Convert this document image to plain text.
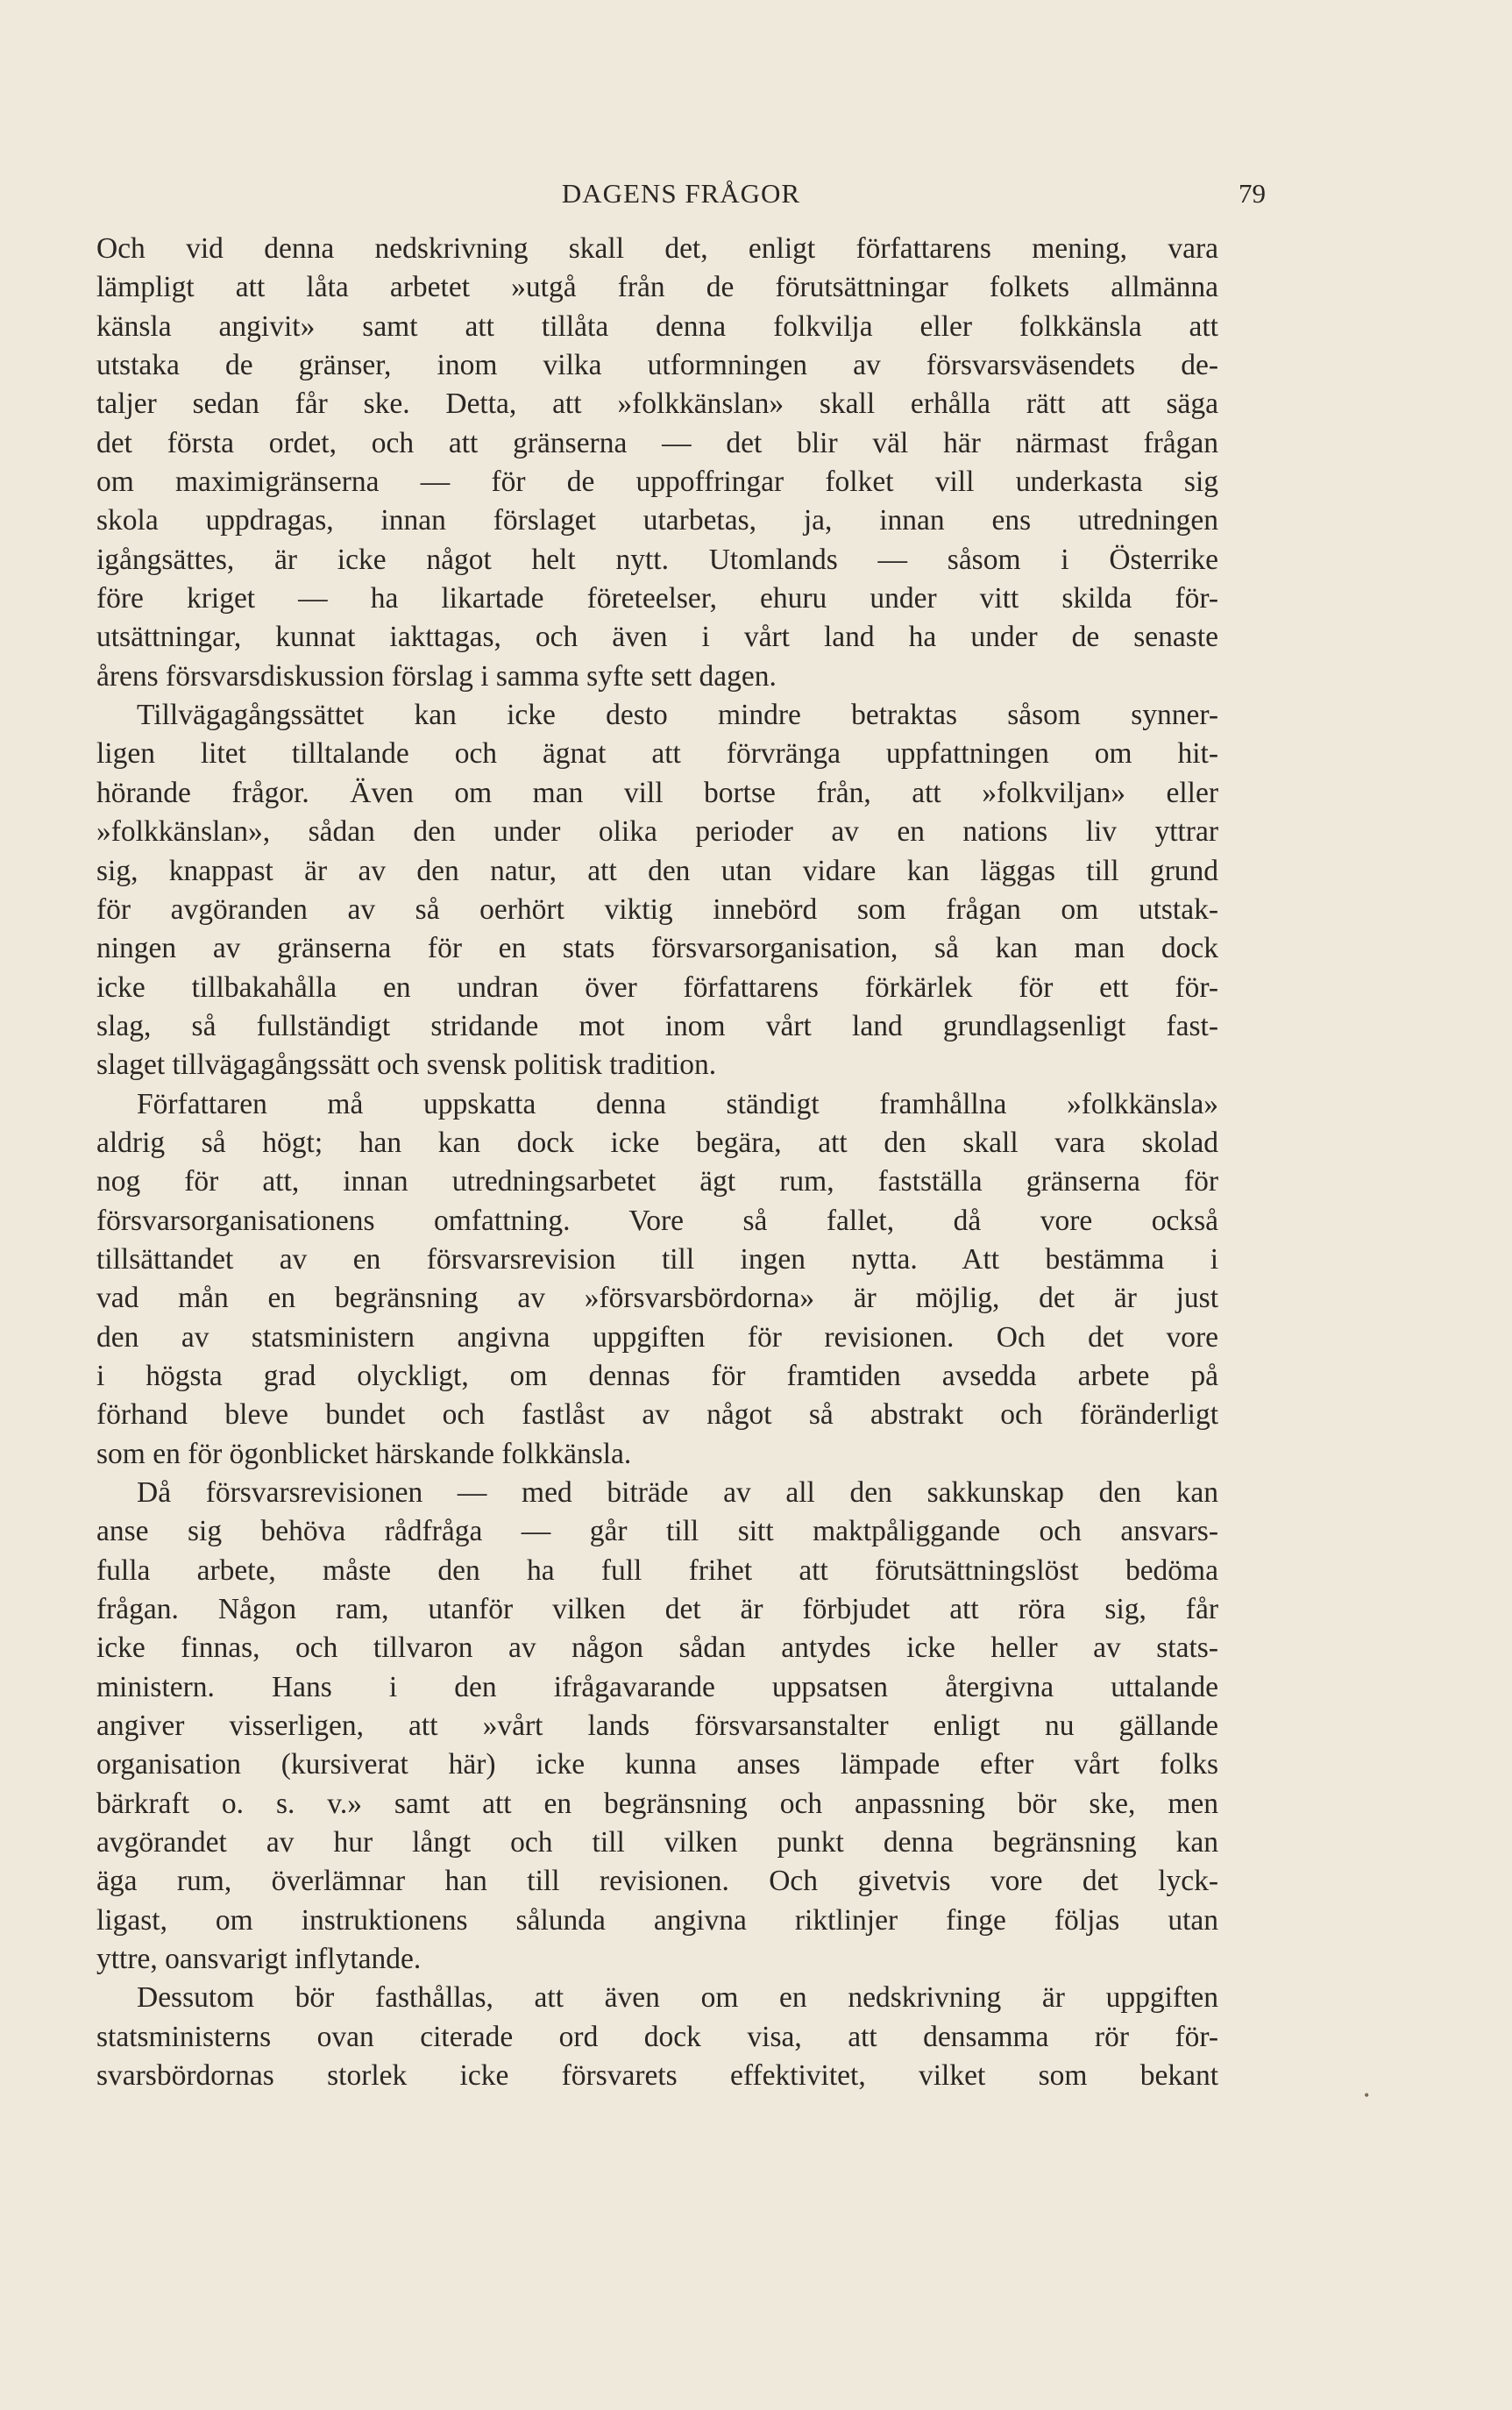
DAGENS FRÅGOR	79
Och vid denna nedskrivning skall det, enligt författarens mening, vara
lämpligt att låta arbetet »utgå från de förutsättningar folkets allmänna
känsla angivit» samt att tillåta denna folkvilja eller folkkänsla att
utstaka de gränser, inom vilka utformningen av försvarsväsendets de-
taljer sedan får ske. Detta, att »folkkänslan» skall erhålla rätt att säga
det första ordet, och att gränserna — det blir väl här närmast frågan
om maximigränserna — för de uppoffringar folket vill underkasta sig
skola uppdragas, innan förslaget utarbetas, ja, innan ens utredningen
igångsättes, är icke något helt nytt. Utomlands — såsom i Österrike
före kriget — ha likartade företeelser, ehuru under vitt skilda för-
utsättningar, kunnat iakttagas, och även i vårt land ha under de senaste
årens försvarsdiskussion förslag i samma syfte sett dagen.
Tillvägagångssättet kan icke desto mindre betraktas såsom synner-
ligen litet tilltalande och ägnat att förvränga uppfattningen om hit-
hörande frågor. Även om man vill bortse från, att »folkviljan» eller
»folkkänslan», sådan den under olika perioder av en nations liv yttrar
sig, knappast är av den natur, att den utan vidare kan läggas till grund
för avgöranden av så oerhört viktig innebörd som frågan om utstak-
ningen av gränserna för en stats försvarsorganisation, så kan man dock
icke tillbakahålla en undran över författarens förkärlek för ett för-
slag, så fullständigt stridande mot inom vårt land grundlagsenligt fast-
slaget tillvägagångssätt och svensk politisk tradition.
Författaren må uppskatta denna ständigt framhållna »folkkänsla»
aldrig så högt; han kan dock icke begära, att den skall vara skolad
nog för att, innan utredningsarbetet ägt rum, fastställa gränserna för
försvarsorganisationens omfattning. Vore så fallet, då vore också
tillsättandet av en försvarsrevision till ingen nytta. Att bestämma i
vad mån en begränsning av »försvarsbördorna» är möjlig, det är just
den av statsministern angivna uppgiften för revisionen. Och det vore
i högsta grad olyckligt, om dennas för framtiden avsedda arbete på
förhand bleve bundet och fastlåst av något så abstrakt och föränderligt
som en för ögonblicket härskande folkkänsla.
Då försvarsrevisionen — med biträde av all den sakkunskap den kan
anse sig behöva rådfråga — går till sitt maktpåliggande och ansvars-
fulla arbete, måste den ha full frihet att förutsättningslöst bedöma
frågan. Någon ram, utanför vilken det är förbjudet att röra sig, får
icke finnas, och tillvaron av någon sådan antydes icke heller av stats-
ministern. Hans i den ifrågavarande uppsatsen återgivna uttalande
angiver visserligen, att »vårt lands försvarsanstalter enligt nu gällande
organisation (kursiverat här) icke kunna anses lämpade efter vårt folks
bärkraft o. s. v.» samt att en begränsning och anpassning bör ske, men
avgörandet av hur långt och till vilken punkt denna begränsning kan
äga rum, överlämnar han till revisionen. Och givetvis vore det lyck-
ligast, om instruktionens sålunda angivna riktlinjer finge följas utan
yttre, oansvarigt inflytande.
Dessutom bör fasthållas, att även om en nedskrivning är uppgiften
statsministerns ovan citerade ord dock visa, att densamma rör för-
svarsbördornas storlek icke försvarets effektivitet, vilket som bekant
•
